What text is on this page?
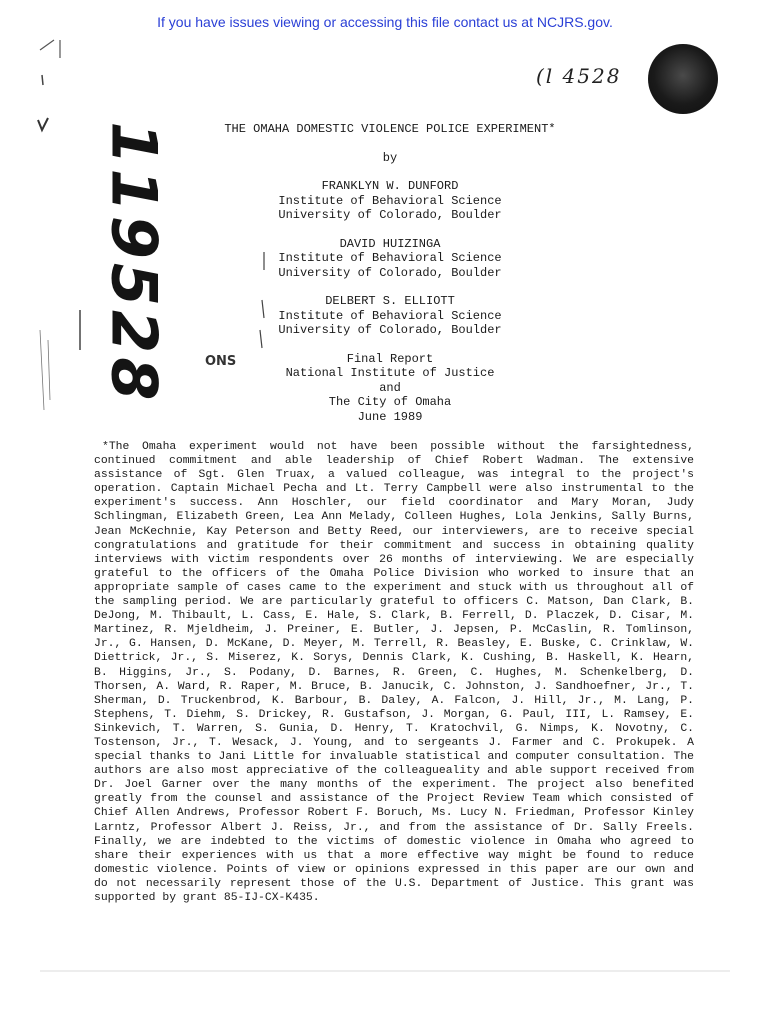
If you have issues viewing or accessing this file contact us at NCJRS.gov.
(l 4528
119528	ONS
THE OMAHA DOMESTIC VIOLENCE POLICE EXPERIMENT*
by
FRANKLYN W. DUNFORD
Institute of Behavioral Science
University of Colorado, Boulder
DAVID HUIZINGA
Institute of Behavioral Science
University of Colorado, Boulder
DELBERT S. ELLIOTT
Institute of Behavioral Science
University of Colorado, Boulder
Final Report
National Institute of Justice
and
The City of Omaha
June 1989

*The Omaha experiment would not have been possible without the farsightedness, continued commitment and able leadership of Chief Robert Wadman. The extensive assistance of Sgt. Glen Truax, a valued colleague, was integral to the project's operation. Captain Michael Pecha and Lt. Terry Campbell were also instrumental to the experiment's success. Ann Hoschler, our field coordinator and Mary Moran, Judy Schlingman, Elizabeth Green, Lea Ann Melady, Colleen Hughes, Lola Jenkins, Sally Burns, Jean McKechnie, Kay Peterson and Betty Reed, our interviewers, are to receive special congratulations and gratitude for their commitment and success in obtaining quality interviews with victim respondents over 26 months of interviewing. We are especially grateful to the officers of the Omaha Police Division who worked to insure that an appropriate sample of cases came to the experiment and stuck with us throughout all of the sampling period. We are particularly grateful to officers C. Matson, Dan Clark, B. DeJong, M. Thibault, L. Cass, E. Hale, S. Clark, B. Ferrell, D. Placzek, D. Cisar, M. Martinez, R. Mjeldheim, J. Preiner, E. Butler, J. Jepsen, P. McCaslin, R. Tomlinson, Jr., G. Hansen, D. McKane, D. Meyer, M. Terrell, R. Beasley, E. Buske, C. Crinklaw, W. Diettrick, Jr., S. Miserez, K. Sorys, Dennis Clark, K. Cushing, B. Haskell, K. Hearn, B. Higgins, Jr., S. Podany, D. Barnes, R. Green, C. Hughes, M. Schenkelberg, D. Thorsen, A. Ward, R. Raper, M. Bruce, B. Janucik, C. Johnston, J. Sandhoefner, Jr., T. Sherman, D. Truckenbrod, K. Barbour, B. Daley, A. Falcon, J. Hill, Jr., M. Lang, P. Stephens, T. Diehm, S. Drickey, R. Gustafson, J. Morgan, G. Paul, III, L. Ramsey, E. Sinkevich, T. Warren, S. Gunia, D. Henry, T. Kratochvil, G. Nimps, K. Novotny, C. Tostenson, Jr., T. Wesack, J. Young, and to sergeants J. Farmer and C. Prokupek. A special thanks to Jani Little for invaluable statistical and computer consultation. The authors are also most appreciative of the colleagueality and able support received from Dr. Joel Garner over the many months of the experiment. The project also benefited greatly from the counsel and assistance of the Project Review Team which consisted of Chief Allen Andrews, Professor Robert F. Boruch, Ms. Lucy N. Friedman, Professor Kinley Larntz, Professor Albert J. Reiss, Jr., and from the assistance of Dr. Sally Freels. Finally, we are indebted to the victims of domestic violence in Omaha who agreed to share their experiences with us that a more effective way might be found to reduce domestic violence. Points of view or opinions expressed in this paper are our own and do not necessarily represent those of the U.S. Department of Justice. This grant was supported by grant 85-IJ-CX-K435.
